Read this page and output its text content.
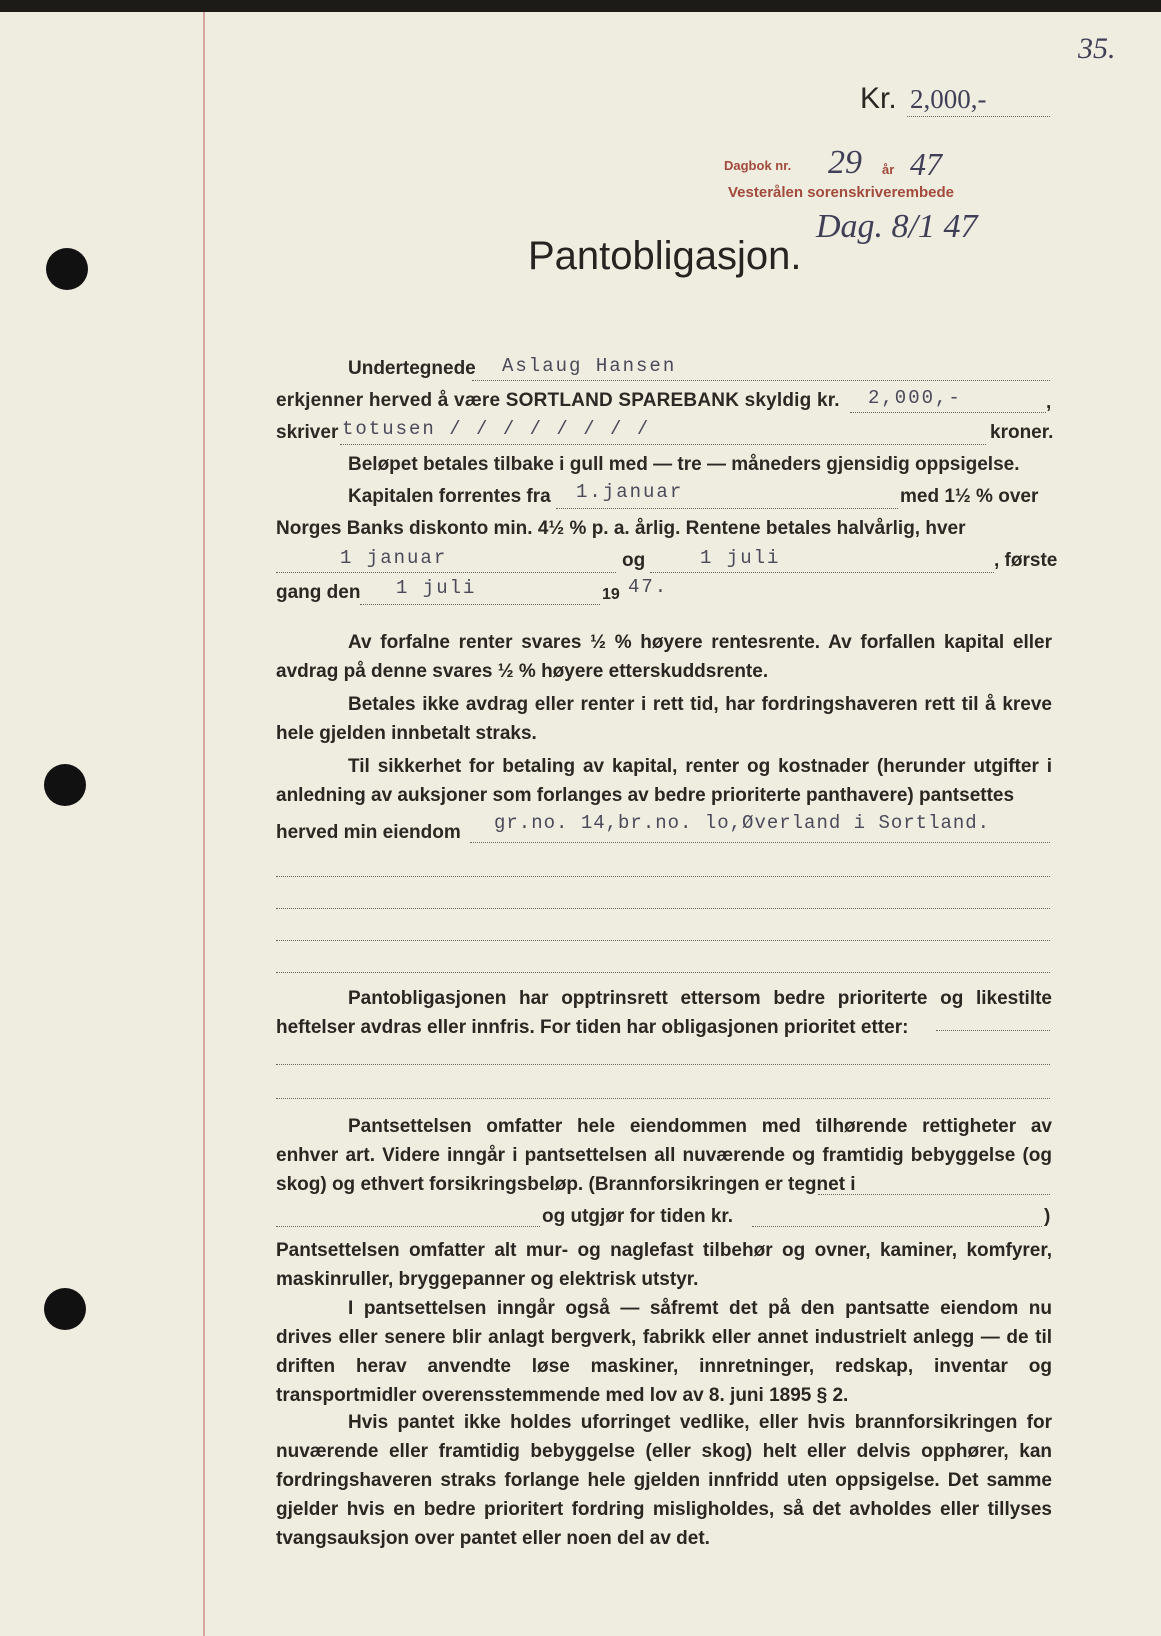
35.
Kr. 2,000,-
Dagbok nr. 29 år 47
Vesterålen sorenskriverembede
Dag. 8/1 47
Pantobligasjon.
Undertegnede Aslaug Hansen
erkjenner herved å være SORTLAND SPAREBANK skyldig kr. 2,000,-	,
skriver totusen / / / / / / / /	kroner.
Beløpet betales tilbake i gull med — tre — måneders gjensidig oppsigelse.
Kapitalen forrentes fra 1.januar	med 1½ % over
Norges Banks diskonto min. 4½ % p. a. årlig. Rentene betales halvårlig, hver
1 januar	og	1 juli	, første
gang den 1 juli	19 47.
Av forfalne renter svares ½ % høyere rentesrente. Av forfallen kapital eller avdrag på denne svares ½ % høyere etterskuddsrente.
Betales ikke avdrag eller renter i rett tid, har fordringshaveren rett til å kreve hele gjelden innbetalt straks.
Til sikkerhet for betaling av kapital, renter og kostnader (herunder utgifter i anledning av auksjoner som forlanges av bedre prioriterte panthavere) pantsettes
herved min eiendom gr.no. 14,br.no. lo,Øverland i Sortland.
Pantobligasjonen har opptrinsrett ettersom bedre prioriterte og likestilte heftelser avdras eller innfris. For tiden har obligasjonen prioritet etter:
Pantsettelsen omfatter hele eiendommen med tilhørende rettigheter av enhver art. Videre inngår i pantsettelsen all nuværende og framtidig bebyggelse (og skog) og ethvert forsikringsbeløp. (Brannforsikringen er tegnet i
og utgjør for tiden kr.	)
Pantsettelsen omfatter alt mur- og naglefast tilbehør og ovner, kaminer, komfyrer, maskinruller, bryggepanner og elektrisk utstyr.
I pantsettelsen inngår også — såfremt det på den pantsatte eiendom nu drives eller senere blir anlagt bergverk, fabrikk eller annet industrielt anlegg — de til driften herav anvendte løse maskiner, innretninger, redskap, inventar og transportmidler overensstemmende med lov av 8. juni 1895 § 2.
Hvis pantet ikke holdes uforringet vedlike, eller hvis brannforsikringen for nuværende eller framtidig bebyggelse (eller skog) helt eller delvis opphører, kan fordringshaveren straks forlange hele gjelden innfridd uten oppsigelse. Det samme gjelder hvis en bedre prioritert fordring misligholdes, så det avholdes eller tillyses tvangsauksjon over pantet eller noen del av det.
